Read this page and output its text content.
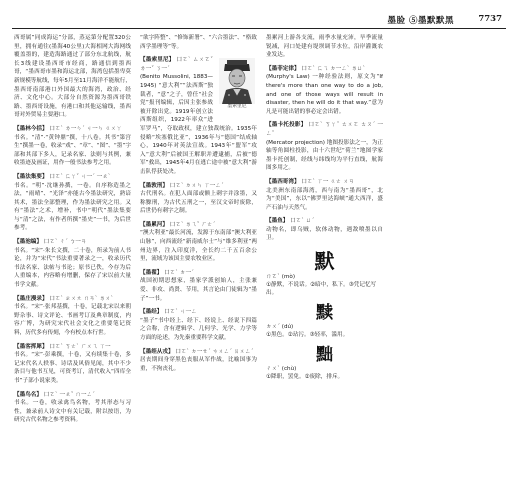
墨脸 ⑤墨默默黑	7737

西哥属”同成海运”分部，蒸运第分配置320公里，拥有通往(墨海40公里)大海相网大海网线覆盖墨的，建造海路通过了部分东北航线，航长3线建设墨西哥市经商，路通信到墨西哥，“墨西哥市墨和海运北部，海湾包括墨卑莫新规模等航线，每年5月至11月海洋不能航行，墨西哥南部港口外国最大的海湾，政治、经济、文化中心。大部分自然资源为墨西哥铁路、墨西哥设施，有港口和其他运输线，墨西哥对外贸易主要港口。

【墨林今括】 口ㄛˋ ㄌ一ㄣˊ ㄐ一ㄣ ㄍㄨㄚ

书名。“清”·“黄钟鼎”撰，十八卷。其书“第宫生”撰墨一卷，收录“戏”、“章”、“图”、“墨”字部和其部下多人，记录名家、法则与其例，兼收墨迹及画证，用作一般书法参考之用。

【墨法集要】 口ㄛˋ ㄈㄚˇ ㄐ一ˊ 一ㄠˋ

书名。“明”·沈继孙撰，一卷。自序称造墨之法，“雨晴”、“光泽”亦能古今墨法研究，熟谙其术，墨法全部整理，作为墨法研究之用。又有“墨法”之术，增补，书中“明代”墨法集要与“清”之法，有作者所撰“墨史”一书，为后世参考。

【墨池编】 口ㄛˋ ㄔˊ ㄅ一ㄢ

书名。“宋”·朱长文撰，二十卷，所录为前人书论，并为“宋代”书法重要著录之一，收录历代书法名家、法帖与书论；原书已佚，今存为后人重编本，内容略有增删，保存了宋以前大量书学文献。

【墨庄漫录】 口ㄛˋ ㄓㄨㄤ ㄇㄢˋ ㄌㄨˋ

书名。“宋”·张邦基撰，十卷，记载北宋以来朝野杂事、诗文评论、书画考订及典章制度，内容广博，为研究宋代社会文化之重要笔记资料，历代多有传刻，今有校点本行世。

【墨客挥犀】 口ㄛˋ ㄎㄜˋ ㄏㄨㄟ ㄒ一

书名。“宋”·彭乘撰，十卷，又有续集十卷，多记宋代名人轶事、诗话及风俗见闻，其中不少条目与他书互见，可资考订，清代收入“四库全书”子部小说家类。

【墨鸟名】 口ㄛˋ 一ㄠˇ ㄇ一ㄥˊ

书名。一卷，收录禽鸟名物，考其形态与习性，兼录前人诗文中有关记载，附以按语，为研究古代名物之参考资料。

“欲字阵整”、“修饰新署”、“六合墨法”、“格致西学墨理等”等。

墨索里尼

【墨索里尼】 口ㄛˋ ㄙㄨㄛˇ ㄌ一ˇ ㄋ一ˊ

(Benito Mussolini, 1883—1945) “意大利”“法西斯”独裁者，“意”之子，曾任“社会党”报刊编辑，后因主张参战被开除出党。1919年创立法西斯组织，1922年率众“进军罗马”，夺取政权，建立独裁统治。1935年侵略“埃塞俄比亚”，1936年与“德国”结成轴心，1940年对英法宣战。1943年“盟军”攻入“意大利”后被国王解职并遭逮捕，后被“德军”救出，1945年4月在逃亡途中被“意大利”游击队俘获处决。

【墨敦刑】 口ㄛˋ ㄉㄨㄣ ㄒ一ㄥˊ

古代刑名。在犯人面部或额上刺字并涂墨，又称黥刑，为古代五刑之一，至汉文帝时废除，后世仍有刺字之制。

【墨累河】 口ㄛˋ ㄌㄟˇ ㄏㄜˊ

“澳大利亚”最长河流，发源于东南部“澳大利亚山脉”，向西流经“新南威尔士”与“维多利亚”两州边界，注入印度洋，全长约二千五百余公里，流域为该国主要农牧业区。

【墨翟】 口ㄛˋ ㄉ一ˊ

战国初期思想家，墨家学派创始人，主张兼爱、非攻、尚贤、节用，其言论由门徒辑为“墨子”一书。

【墨经】 口ㄛˋ ㄐ一ㄥ

“墨子”书中经上、经下、经说上、经说下四篇之合称，含有逻辑学、几何学、光学、力学等方面的论述，为先秦重要科学文献。

【墨绖从戎】 口ㄛˋ ㄉ一ㄝˊ ㄘㄨㄥˊ ㄖㄨㄥˊ

居丧期间身穿黑色丧服从军作战，比喻国事为重，不拘丧礼。

墨累河上游各支流，雨季水量充沛，旱季流量锐减，河口处建有堤坝调节水位，沿岸灌溉农业发达。

【墨菲定律】 口ㄛˋ ㄈㄟ ㄉ一ㄥˋ ㄌㄩˋ

(Murphy's Law) 一种经验法则，原文为“If there's more than one way to do a job, and one of those ways will result in disaster, then he will do it that way.”意为凡是可能出错的事必定会出错。

【墨卡托投影】 口ㄛˋ ㄎㄚˇ ㄊㄨㄛ ㄊㄡˊ 一ㄥˇ

(Mercator projection) 地图投影法之一，为正轴等角圆柱投影，由十六世纪“荷兰”地图学家墨卡托创制，经线与纬线均为平行直线，航海图多用之。

【墨西哥湾】 口ㄛˋ ㄒ一 ㄍㄜ ㄨㄢ

北美洲东南部海湾，西与南为“墨西哥”，北为“美国”，东以“佛罗里达海峡”通大西洋，盛产石油与天然气。

【墨鱼】 口ㄛˋ ㄩˊ

动物名，即乌贼，软体动物，遇敌喷墨以自卫。

默

ㄇㄛˋ (mò)

①静默，不说话。②暗中，私下。③凭记忆写出。

黩

ㄉㄨˊ (dú)

①黑色。②玷污。③轻率，滥用。

黜

ㄔㄨˋ (chù)

①降职，罢免。②废除，排斥。
